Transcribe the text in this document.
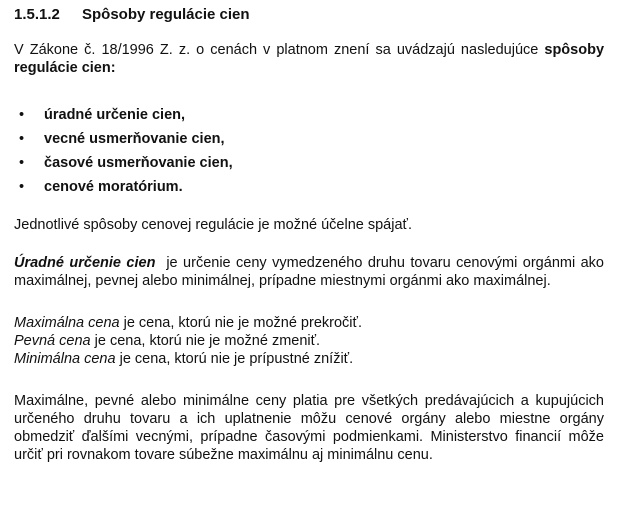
1.5.1.2 Spôsoby regulácie cien

V Zákone č. 18/1996 Z. z. o cenách v platnom znení sa uvádzajú nasledujúce spôsoby regulácie cien:

• úradné určenie cien,
• vecné usmerňovanie cien,
• časové usmerňovanie cien,
• cenové moratórium.

Jednotlivé spôsoby cenovej regulácie je možné účelne spájať.

Úradné určenie cien je určenie ceny vymedzeného druhu tovaru cenovými orgánmi ako maximálnej, pevnej alebo minimálnej, prípadne miestnymi orgánmi ako maximálnej.

Maximálna cena je cena, ktorú nie je možné prekročiť.

Pevná cena je cena, ktorú nie je možné zmeniť.

Minimálna cena je cena, ktorú nie je prípustné znížiť.

Maximálne, pevné alebo minimálne ceny platia pre všetkých predávajúcich a kupujúcich určeného druhu tovaru a ich uplatnenie môžu cenové orgány alebo miestne orgány obmedziť ďalšími vecnými, prípadne časovými podmienkami. Ministerstvo financií môže určiť pri rovnakom tovare súbežne maximálnu aj minimálnu cenu.
